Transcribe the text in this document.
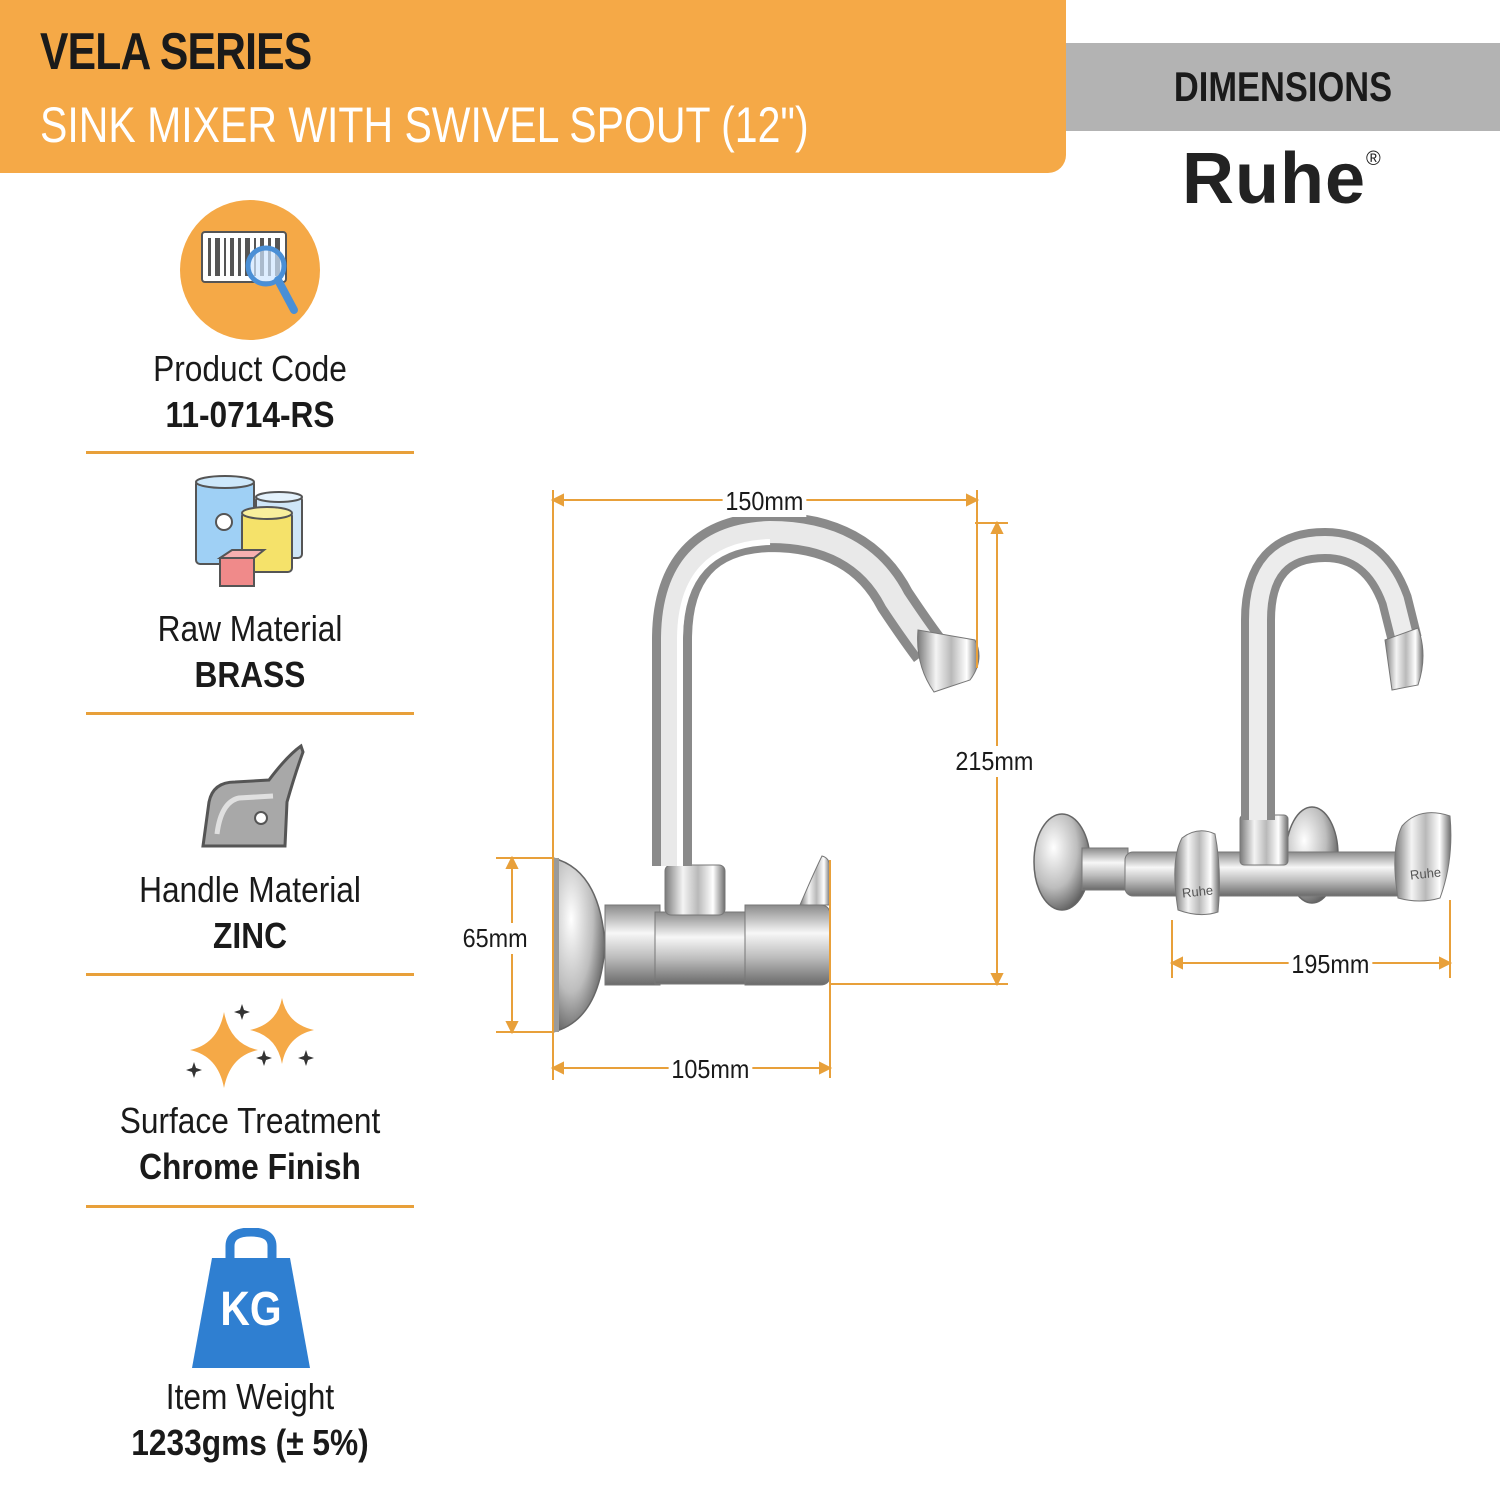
VELA SERIES
SINK MIXER WITH SWIVEL SPOUT (12")
DIMENSIONS
Ruhe®
KG
Product Code
11-0714-RS
Raw Material
BRASS
Handle Material
ZINC
Surface Treatment
Chrome Finish
Item Weight
1233gms (± 5%)
Ruhe
Ruhe
150mm
215mm
65mm
105mm
195mm
